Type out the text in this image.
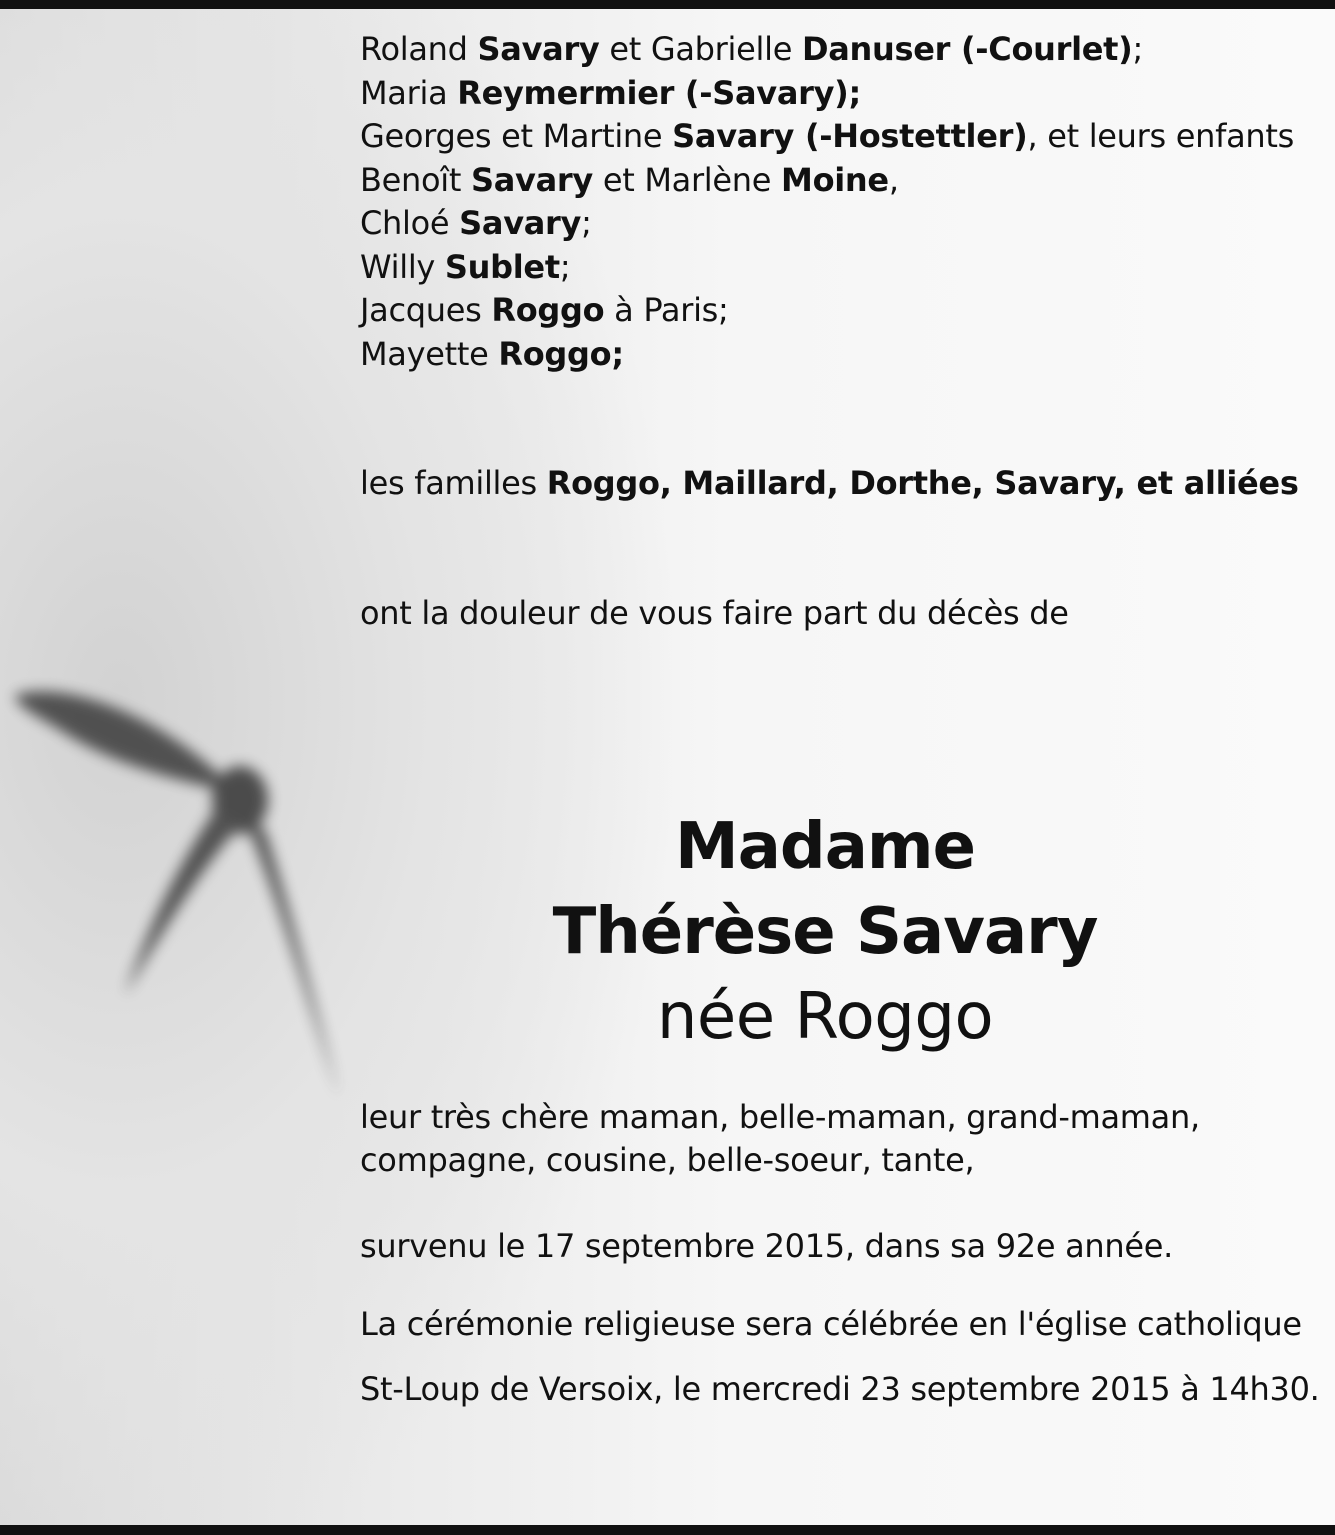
Roland Savary et Gabrielle Danuser (-Courlet);
Maria Reymermier (-Savary);
Georges et Martine Savary (-Hostettler), et leurs enfants
Benoît Savary et Marlène Moine,
Chloé Savary;
Willy Sublet;
Jacques Roggo à Paris;
Mayette Roggo;
les familles Roggo, Maillard, Dorthe, Savary, et alliées
ont la douleur de vous faire part du décès de
leur très chère maman, belle-maman, grand-maman,
compagne, cousine, belle-soeur, tante,
survenu le 17 septembre 2015, dans sa 92e année.
La cérémonie religieuse sera célébrée en l'église catholique
St-Loup de Versoix, le mercredi 23 septembre 2015 à 14h30.
Madame
Thérèse Savary
née Roggo
